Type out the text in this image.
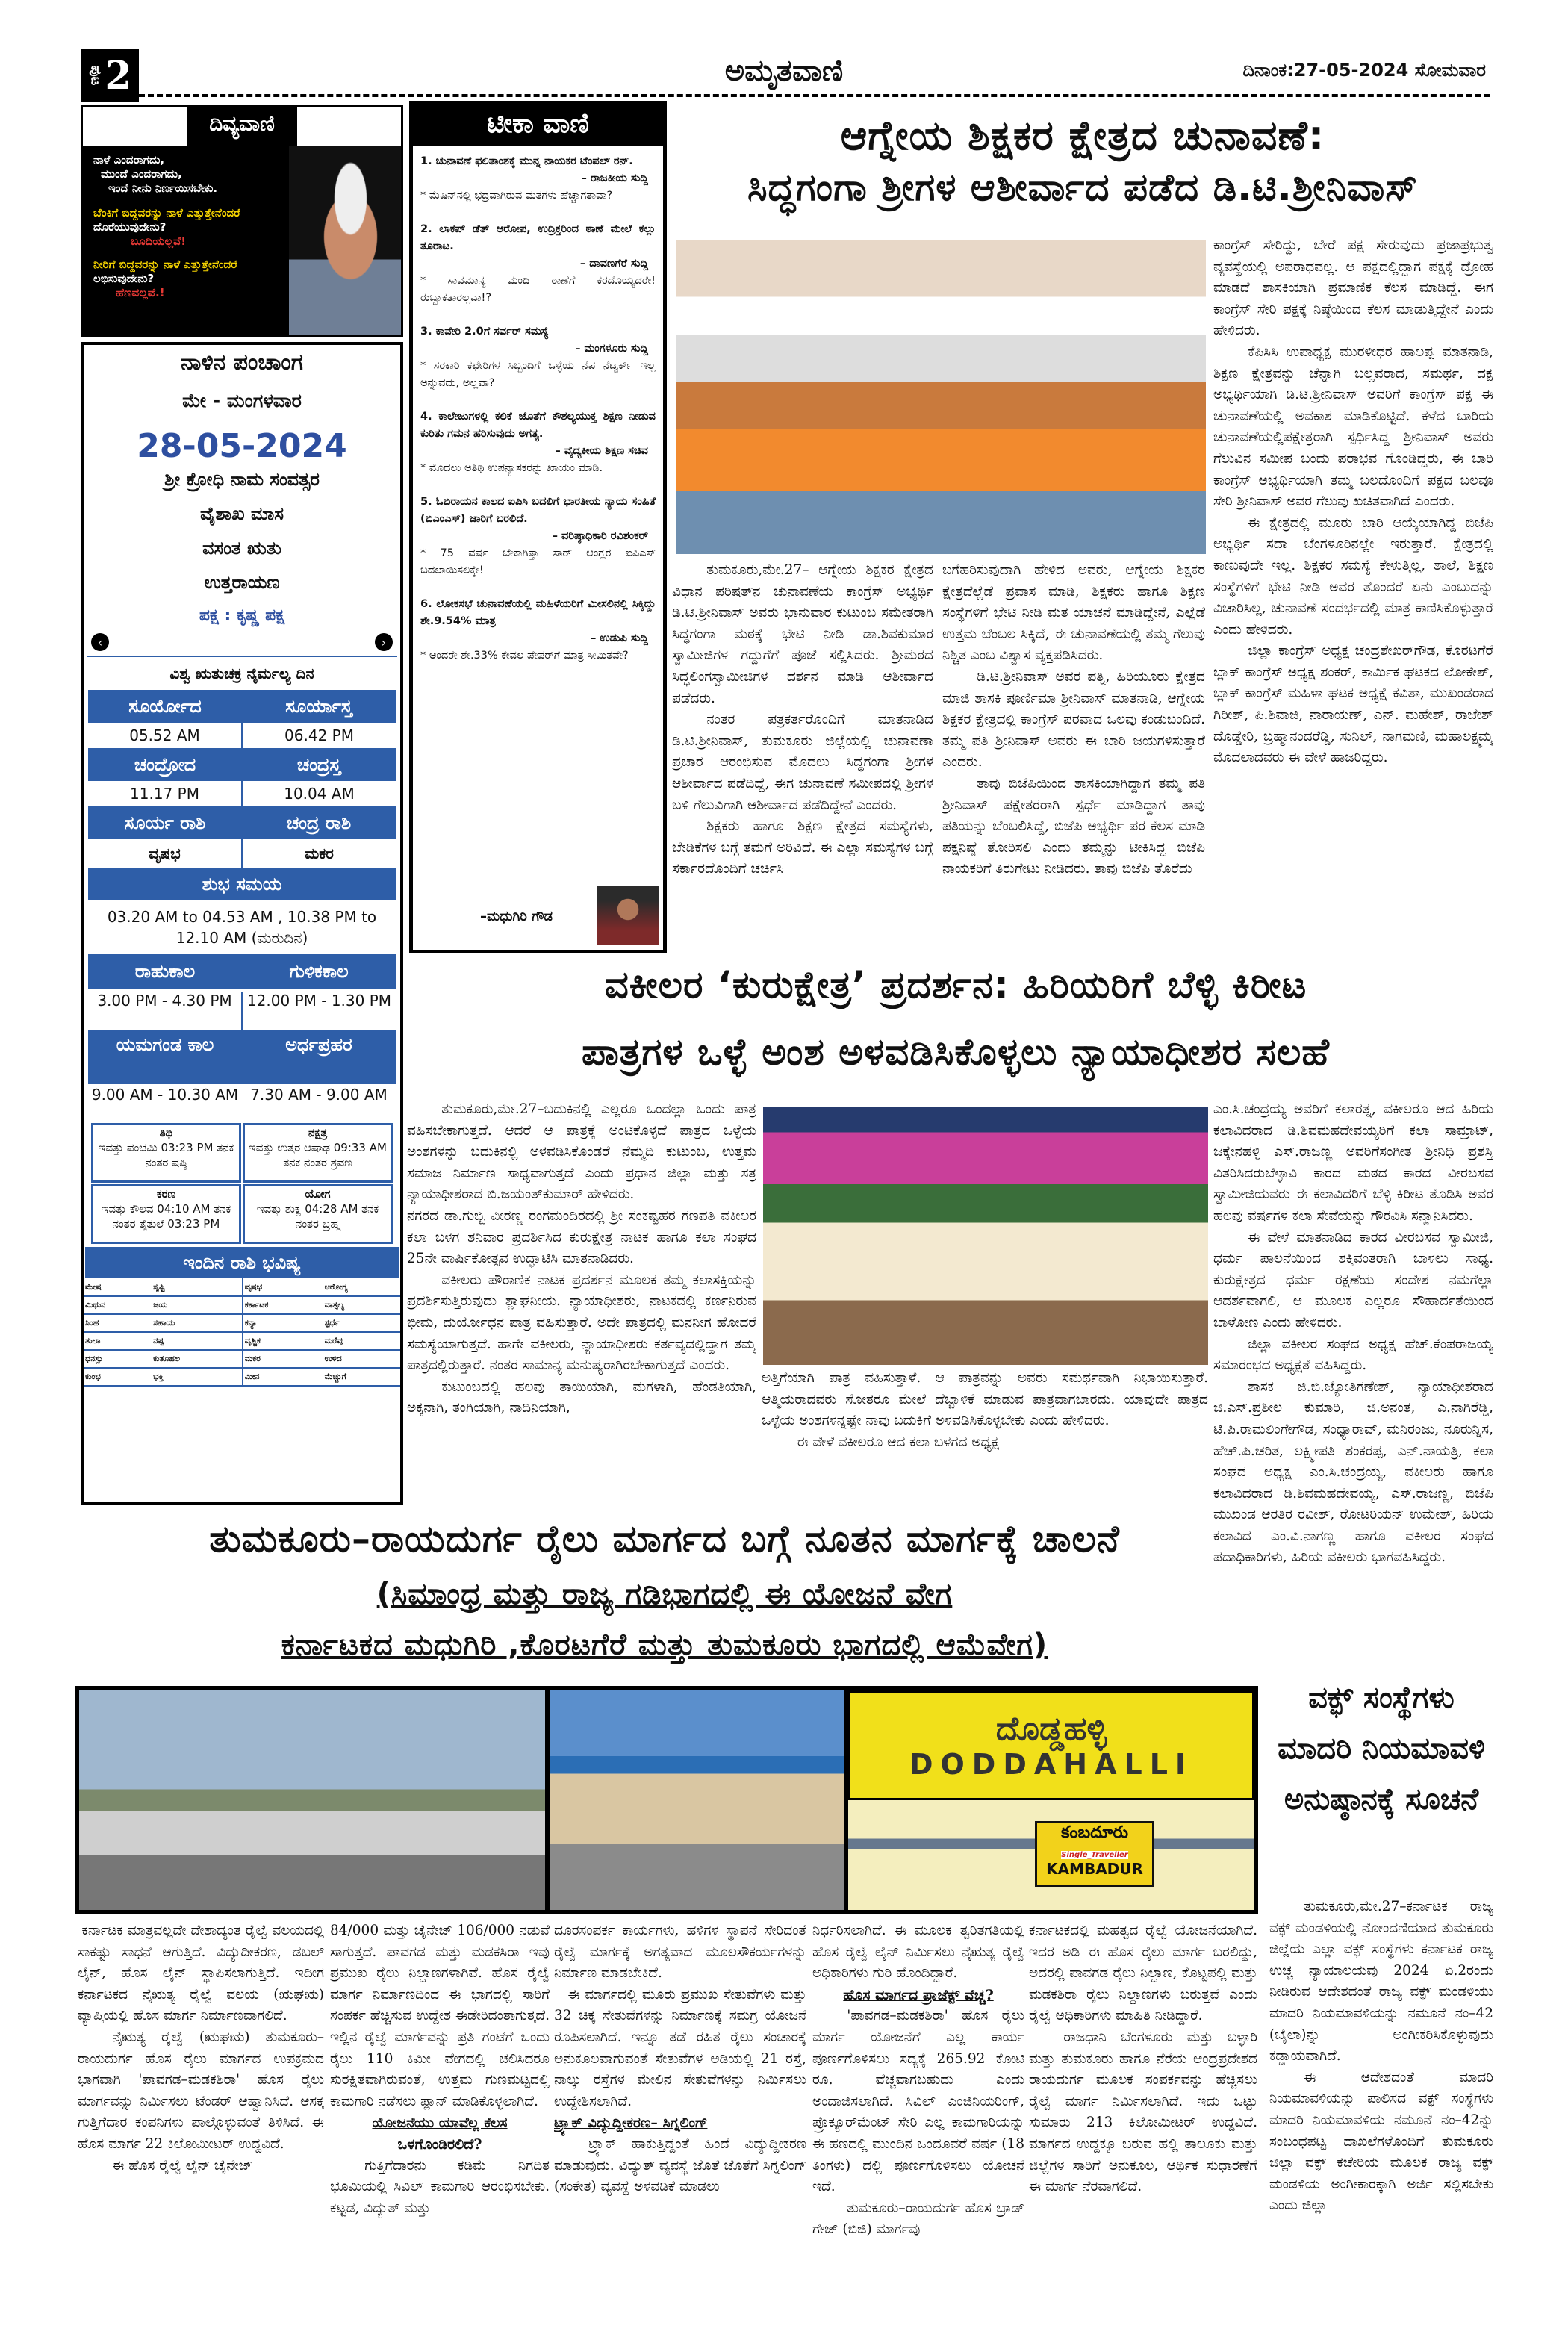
ಪುಟ 2	ಅಮೃತವಾಣಿ	ದಿನಾಂಕ:27-05-2024 ಸೋಮವಾರ
ದಿವ್ಯವಾಣಿ
ನಾಳೆ ಎಂದರಾಗದು,
ಮುಂದೆ ಎಂದರಾಗದು,
ಇಂದೆ ನೀನು ನಿರ್ಣಯಿಸಬೇಕು.
ಬೆಂಕಿಗೆ ಬಿದ್ದವರನ್ನು ನಾಳೆ ಎತ್ತುತ್ತೇನೆಂದರೆ
ದೊರೆಯುವುದೇನು?
ಬೂದಿಯಲ್ಲವೆ!
ನೀರಿಗೆ ಬಿದ್ದವರನ್ನು ನಾಳೆ ಎತ್ತುತ್ತೇನೆಂದರೆ
ಲಭಿಸುವುದೇನು?
ಹೆಣವಲ್ಲವೆ.!
ನಾಳಿನ ಪಂಚಾಂಗ
ಮೇ - ಮಂಗಳವಾರ
28-05-2024
ಶ್ರೀ ಕ್ರೋಧಿ ನಾಮ ಸಂವತ್ಸರ
ವೈಶಾಖ ಮಾಸ
ವಸಂತ ಋತು
ಉತ್ತರಾಯಣ
ಪಕ್ಷ : ಕೃಷ್ಣ ಪಕ್ಷ
‹	›
ವಿಶ್ವ ಋತುಚಕ್ರ ನೈರ್ಮಲ್ಯ ದಿನ
ಸೂರ್ಯೋದ	ಸೂರ್ಯಾಸ್ತ
05.52 AM	06.42 PM
ಚಂದ್ರೋದ	ಚಂದ್ರಸ್ತ
11.17 PM	10.04 AM
ಸೂರ್ಯ ರಾಶಿ	ಚಂದ್ರ ರಾಶಿ
ವೃಷಭ	ಮಕರ
ಶುಭ ಸಮಯ
03.20 AM to 04.53 AM , 10.38 PM to 12.10 AM (ಮರುದಿನ)
ರಾಹುಕಾಲ	ಗುಳಿಕಕಾಲ
3.00 PM - 4.30 PM	12.00 PM - 1.30 PM
ಯಮಗಂಡ ಕಾಲ	ಅರ್ಧಪ್ರಹರ
9.00 AM - 10.30 AM 7.30 AM - 9.00 AM
ತಿಥಿ
ಇವತ್ತು ಪಂಚಮಿ 03:23 PM ತನಕ ನಂತರ ಷಷ್ಠಿ
ನಕ್ಷತ್ರ
ಇವತ್ತು ಉತ್ತರ ಆಷಾಢ 09:33 AM ತನಕ ನಂತರ ಶ್ರವಣ
ಕರಣ
ಇವತ್ತು ಕೌಲವ 04:10 AM ತನಕ ನಂತರ ತೈತುಲೆ 03:23 PM
ಯೋಗ
ಇವತ್ತು ಶುಕ್ಲ 04:28 AM ತನಕ ನಂತರ ಬ್ರಹ್ಮ
ಇಂದಿನ ರಾಶಿ ಭವಿಷ್ಯ
ಮೇಷ	ಸೃಷ್ಟಿ	ವೃಷಭ	ಆರೋಗ್ಯ
ಮಿಥುನ	ಜಯ	ಕರ್ಕಾಟಕ	ವಾತ್ಸಲ್ಯ
ಸಿಂಹ	ಸಹಾಯ	ಕನ್ಯಾ	ಸ್ಪರ್ಧೆ
ತುಲಾ	ನಷ್ಟ	ವೃಶ್ಚಿಕ	ಮರೆವು
ಧನಸ್ಸು	ಕುತೂಹಲ	ಮಕರ	ಉಳಿದ
ಕುಂಭ	ಭಕ್ತಿ	ಮೀನ	ಮೆಚ್ಚುಗೆ
ಟೀಕಾ ವಾಣಿ
1. ಚುನಾವಣೆ ಫಲಿತಾಂಶಕ್ಕೆ ಮುನ್ನ ನಾಯಕರ ಟೆಂಪಲ್ ರನ್.
– ರಾಜಕೀಯ ಸುದ್ದಿ
* ಮೆಷಿನ್‌ನಲ್ಲಿ ಭದ್ರವಾಗಿರುವ ಮತಗಳು ಹೆಚ್ಚಾಗತಾವಾ?
2. ಲಾಕಪ್ ಡೆತ್ ಆರೋಪ, ಉದ್ರಿಕ್ತರಿಂದ ಠಾಣೆ ಮೇಲೆ ಕಲ್ಲು ತೂರಾಟ.
– ದಾವಣಗೆರೆ ಸುದ್ದಿ
* ಸಾವಮಾನ್ಯ ಮಂದಿ ಠಾಣೆಗೆ ಕರದೊಯ್ಯದರೇ! ರುಬ್ಬಾಕತಾರಲ್ಲವಾ!?
3. ಕಾವೇರಿ 2.0ಗೆ ಸರ್ವರ್ ಸಮಸ್ಯೆ
– ಮಂಗಳೂರು ಸುದ್ದಿ
* ಸರಕಾರಿ ಕಛೇರಿಗಳ ಸಿಬ್ಬಂದಿಗೆ ಒಳ್ಳೆಯ ನೆಪ ನೆಟ್ವರ್ಕ್ ಇಲ್ಲ ಅನ್ನುವದು, ಅಲ್ಲವಾ?
4. ಕಾಲೇಜುಗಳಲ್ಲಿ ಕಲಿಕೆ ಜೊತೆಗೆ ಕೌಶಲ್ಯಯುಕ್ತ ಶಿಕ್ಷಣ ನೀಡುವ ಕುರಿತು ಗಮನ ಹರಿಸುವುದು ಅಗತ್ಯ.
– ವೈದ್ಯಕೀಯ ಶಿಕ್ಷಣ ಸಚಿವ
* ಮೊದಲು ಅತಿಥಿ ಉಪನ್ಯಾಸಕರನ್ನು ಖಾಯಂ ಮಾಡಿ.
5. ಓಬಿರಾಯನ ಕಾಲದ ಐಪಿಸಿ ಬದಲಿಗೆ ಭಾರತೀಯ ನ್ಯಾಯ ಸಂಹಿತೆ (ಬಿಎಂಎಸ್) ಜಾರಿಗೆ ಬರಲಿದೆ.
– ವರಿಷ್ಠಾಧಿಕಾರಿ ರವಿಶಂಕರ್
* 75 ವರ್ಷ ಬೇಕಾಗಿತ್ತಾ ಸಾರ್ ಆಂಗ್ಲರ ಐಪಿಎಸ್ ಬದಲಾಯಿಸಲಿಕ್ಕೇ!
6. ಲೋಕಸಭೆ ಚುನಾವಣೆಯಲ್ಲಿ ಮಹಿಳೆಯರಿಗೆ ಮೀಸಲಿನಲ್ಲಿ ಸಿಕ್ಕಿದ್ದು ಶೇ.9.54% ಮಾತ್ರ
– ಉಡುಪಿ ಸುದ್ದಿ
* ಅಂದರೇ ಶೇ.33% ಕೇವಲ ಪೇಪರ್‌ಗೆ ಮಾತ್ರ ಸೀಮಿತವೇ?
–ಮಧುಗಿರಿ ಗೌಡ
ಆಗ್ನೇಯ ಶಿಕ್ಷಕರ ಕ್ಷೇತ್ರದ ಚುನಾವಣೆ:
ಸಿದ್ಧಗಂಗಾ ಶ್ರೀಗಳ ಆಶೀರ್ವಾದ ಪಡೆದ ಡಿ.ಟಿ.ಶ್ರೀನಿವಾಸ್

ತುಮಕೂರು,ಮೇ.27– ಆಗ್ನೇಯ ಶಿಕ್ಷಕರ ಕ್ಷೇತ್ರದ ವಿಧಾನ ಪರಿಷತ್‌ನ ಚುನಾವಣೆಯ ಕಾಂಗ್ರೆಸ್ ಅಭ್ಯರ್ಥಿ ಡಿ.ಟಿ.ಶ್ರೀನಿವಾಸ್ ಅವರು ಭಾನುವಾರ ಕುಟುಂಬ ಸಮೇತರಾಗಿ ಸಿದ್ಧಗಂಗಾ ಮಠಕ್ಕೆ ಭೇಟಿ ನೀಡಿ ಡಾ.ಶಿವಕುಮಾರ ಸ್ವಾಮೀಜಿಗಳ ಗದ್ದುಗೆಗೆ ಪೂಜೆ ಸಲ್ಲಿಸಿದರು. ಶ್ರೀಮಠದ ಸಿದ್ಧಲಿಂಗಸ್ವಾಮೀಜಿಗಳ ದರ್ಶನ ಮಾಡಿ ಆಶೀರ್ವಾದ ಪಡೆದರು.

ನಂತರ ಪತ್ರಕರ್ತರೊಂದಿಗೆ ಮಾತನಾಡಿದ ಡಿ.ಟಿ.ಶ್ರೀನಿವಾಸ್, ತುಮಕೂರು ಜಿಲ್ಲೆಯಲ್ಲಿ ಚುನಾವಣಾ ಪ್ರಚಾರ ಆರಂಭಿಸುವ ಮೊದಲು ಸಿದ್ಧಗಂಗಾ ಶ್ರೀಗಳ ಆಶೀರ್ವಾದ ಪಡೆದಿದ್ದೆ, ಈಗ ಚುನಾವಣೆ ಸಮೀಪದಲ್ಲಿ ಶ್ರೀಗಳ ಬಳಿ ಗೆಲುವಿಗಾಗಿ ಆಶೀರ್ವಾದ ಪಡೆದಿದ್ದೇನೆ ಎಂದರು.

ಶಿಕ್ಷಕರು ಹಾಗೂ ಶಿಕ್ಷಣ ಕ್ಷೇತ್ರದ ಸಮಸ್ಯೆಗಳು, ಬೇಡಿಕೆಗಳ ಬಗ್ಗೆ ತಮಗೆ ಅರಿವಿದೆ. ಈ ಎಲ್ಲಾ ಸಮಸ್ಯೆಗಳ ಬಗ್ಗೆ ಸರ್ಕಾರದೊಂದಿಗೆ ಚರ್ಚಿಸಿ

ಬಗೆಹರಿಸುವುದಾಗಿ ಹೇಳಿದ ಅವರು, ಆಗ್ನೇಯ ಶಿಕ್ಷಕರ ಕ್ಷೇತ್ರದೆಲ್ಲೆಡೆ ಪ್ರವಾಸ ಮಾಡಿ, ಶಿಕ್ಷಕರು ಹಾಗೂ ಶಿಕ್ಷಣ ಸಂಸ್ಥೆಗಳಿಗೆ ಭೇಟಿ ನೀಡಿ ಮತ ಯಾಚನೆ ಮಾಡಿದ್ದೇನೆ, ಎಲ್ಲೆಡೆ ಉತ್ತಮ ಬೆಂಬಲ ಸಿಕ್ಕಿದೆ, ಈ ಚುನಾವಣೆಯಲ್ಲಿ ತಮ್ಮ ಗೆಲುವು ನಿಶ್ಚಿತ ಎಂಬ ವಿಶ್ವಾಸ ವ್ಯಕ್ತಪಡಿಸಿದರು.

ಡಿ.ಟಿ.ಶ್ರೀನಿವಾಸ್ ಅವರ ಪತ್ನಿ, ಹಿರಿಯೂರು ಕ್ಷೇತ್ರದ ಮಾಜಿ ಶಾಸಕಿ ಪೂರ್ಣಿಮಾ ಶ್ರೀನಿವಾಸ್ ಮಾತನಾಡಿ, ಆಗ್ನೇಯ ಶಿಕ್ಷಕರ ಕ್ಷೇತ್ರದಲ್ಲಿ ಕಾಂಗ್ರೆಸ್ ಪರವಾದ ಒಲವು ಕಂಡುಬಂದಿದೆ. ತಮ್ಮ ಪತಿ ಶ್ರೀನಿವಾಸ್ ಅವರು ಈ ಬಾರಿ ಜಯಗಳಿಸುತ್ತಾರೆ ಎಂದರು.

ತಾವು ಬಿಜೆಪಿಯಿಂದ ಶಾಸಕಿಯಾಗಿದ್ದಾಗ ತಮ್ಮ ಪತಿ ಶ್ರೀನಿವಾಸ್ ಪಕ್ಷೇತರರಾಗಿ ಸ್ಪರ್ಧೆ ಮಾಡಿದ್ದಾಗ ತಾವು ಪತಿಯನ್ನು ಬೆಂಬಲಿಸಿದ್ದೆ, ಬಿಜೆಪಿ ಅಭ್ಯರ್ಥಿ ಪರ ಕೆಲಸ ಮಾಡಿ ಪಕ್ಷನಿಷ್ಠೆ ತೋರಿಸಲಿ ಎಂದು ತಮ್ಮನ್ನು ಟೀಕಿಸಿದ್ದ ಬಿಜೆಪಿ ನಾಯಕರಿಗೆ ತಿರುಗೇಟು ನೀಡಿದರು. ತಾವು ಬಿಜೆಪಿ ತೊರೆದು

ಕಾಂಗ್ರೆಸ್ ಸೇರಿದ್ದು, ಬೇರೆ ಪಕ್ಷ ಸೇರುವುದು ಪ್ರಜಾಪ್ರಭುತ್ವ ವ್ಯವಸ್ಥೆಯಲ್ಲಿ ಅಪರಾಧವಲ್ಲ. ಆ ಪಕ್ಷದಲ್ಲಿದ್ದಾಗ ಪಕ್ಷಕ್ಕೆ ದ್ರೋಹ ಮಾಡದೆ ಶಾಸಕಿಯಾಗಿ ಪ್ರಮಾಣಿಕ ಕೆಲಸ ಮಾಡಿದ್ದೆ. ಈಗ ಕಾಂಗ್ರೆಸ್ ಸೇರಿ ಪಕ್ಷಕ್ಕೆ ನಿಷ್ಠೆಯಿಂದ ಕೆಲಸ ಮಾಡುತ್ತಿದ್ದೇನೆ ಎಂದು ಹೇಳಿದರು.

ಕೆಪಿಸಿಸಿ ಉಪಾಧ್ಯಕ್ಷ ಮುರಳೀಧರ ಹಾಲಪ್ಪ ಮಾತನಾಡಿ, ಶಿಕ್ಷಣ ಕ್ಷೇತ್ರವನ್ನು ಚೆನ್ನಾಗಿ ಬಲ್ಲವರಾದ, ಸಮರ್ಥ, ದಕ್ಷ ಅಭ್ಯರ್ಥಿಯಾಗಿ ಡಿ.ಟಿ.ಶ್ರೀನಿವಾಸ್ ಅವರಿಗೆ ಕಾಂಗ್ರೆಸ್ ಪಕ್ಷ ಈ ಚುನಾವಣೆಯಲ್ಲಿ ಅವಕಾಶ ಮಾಡಿಕೊಟ್ಟಿದೆ. ಕಳೆದ ಬಾರಿಯ ಚುನಾವಣೆಯಲ್ಲಿಪಕ್ಷೇತ್ರರಾಗಿ ಸ್ಪರ್ಧಿಸಿದ್ದ ಶ್ರೀನಿವಾಸ್ ಅವರು ಗೆಲುವಿನ ಸಮೀಪ ಬಂದು ಪರಾಭವ ಗೊಂಡಿದ್ದರು, ಈ ಬಾರಿ ಕಾಂಗ್ರೆಸ್ ಅಭ್ಯರ್ಥಿಯಾಗಿ ತಮ್ಮ ಬಲದೊಂದಿಗೆ ಪಕ್ಷದ ಬಲವೂ ಸೇರಿ ಶ್ರೀನಿವಾಸ್ ಅವರ ಗೆಲುವು ಖಚಿತವಾಗಿದೆ ಎಂದರು.

ಈ ಕ್ಷೇತ್ರದಲ್ಲಿ ಮೂರು ಬಾರಿ ಆಯ್ಕೆಯಾಗಿದ್ದ ಬಿಜೆಪಿ ಅಭ್ಯರ್ಥಿ ಸದಾ ಬೆಂಗಳೂರಿನಲ್ಲೇ ಇರುತ್ತಾರೆ. ಕ್ಷೇತ್ರದಲ್ಲಿ ಕಾಣುವುದೇ ಇಲ್ಲ. ಶಿಕ್ಷಕರ ಸಮಸ್ಯೆ ಕೇಳುತ್ತಿಲ್ಲ, ಶಾಲೆ, ಶಿಕ್ಷಣ ಸಂಸ್ಥೆಗಳಿಗೆ ಭೇಟಿ ನೀಡಿ ಅವರ ತೊಂದರೆ ಏನು ಎಂಬುದನ್ನು ವಿಚಾರಿಸಿಲ್ಲ, ಚುನಾವಣೆ ಸಂದರ್ಭದಲ್ಲಿ ಮಾತ್ರ ಕಾಣಿಸಿಕೊಳ್ಳುತ್ತಾರೆ ಎಂದು ಹೇಳಿದರು.

ಜಿಲ್ಲಾ ಕಾಂಗ್ರೆಸ್ ಅಧ್ಯಕ್ಷ ಚಂದ್ರಶೇಖರ್‌ಗೌಡ, ಕೊರಟಗೆರೆ ಬ್ಲಾಕ್ ಕಾಂಗ್ರೆಸ್ ಅಧ್ಯಕ್ಷ ಶಂಕರ್, ಕಾರ್ಮಿಕ ಘಟಕದ ಲೋಕೇಶ್, ಬ್ಲಾಕ್ ಕಾಂಗ್ರೆಸ್ ಮಹಿಳಾ ಘಟಕ ಅಧ್ಯಕ್ಷೆ ಕವಿತಾ, ಮುಖಂಡರಾದ ಗಿರೀಶ್, ಪಿ.ಶಿವಾಜಿ, ನಾರಾಯಣ್, ಎನ್. ಮಹೇಶ್, ರಾಜೇಶ್ ದೊಡ್ಡೇರಿ, ಬ್ರಹ್ಮಾನಂದರೆಡ್ಡಿ, ಸುನಿಲ್, ನಾಗಮಣಿ, ಮಹಾಲಕ್ಷ್ಮಮ್ಮ ಮೊದಲಾದವರು ಈ ವೇಳೆ ಹಾಜರಿದ್ದರು.

ವಕೀಲರ ‘ಕುರುಕ್ಷೇತ್ರ’ ಪ್ರದರ್ಶನ: ಹಿರಿಯರಿಗೆ ಬೆಳ್ಳಿ ಕಿರೀಟ
ಪಾತ್ರಗಳ ಒಳ್ಳೆ ಅಂಶ ಅಳವಡಿಸಿಕೊಳ್ಳಲು ನ್ಯಾಯಾಧೀಶರ ಸಲಹೆ

ತುಮಕೂರು,ಮೇ.27–ಬದುಕಿನಲ್ಲಿ ಎಲ್ಲರೂ ಒಂದಲ್ಲಾ ಒಂದು ಪಾತ್ರ ವಹಿಸಬೇಕಾಗುತ್ತದೆ. ಆದರೆ ಆ ಪಾತ್ರಕ್ಕೆ ಅಂಟಿಕೊಳ್ಳದೆ ಪಾತ್ರದ ಒಳ್ಳೆಯ ಅಂಶಗಳನ್ನು ಬದುಕಿನಲ್ಲಿ ಅಳವಡಿಸಿಕೊಂಡರೆ ನೆಮ್ಮದಿ ಕುಟುಂಬ, ಉತ್ತಮ ಸಮಾಜ ನಿರ್ಮಾಣ ಸಾಧ್ಯವಾಗುತ್ತದೆ ಎಂದು ಪ್ರಧಾನ ಜಿಲ್ಲಾ ಮತ್ತು ಸತ್ರ ನ್ಯಾಯಾಧೀಶರಾದ ಬಿ.ಜಯಂತ್‌ಕುಮಾರ್ ಹೇಳಿದರು.

ನಗರದ ಡಾ.ಗುಬ್ಬಿ ವೀರಣ್ಣ ರಂಗಮಂದಿರದಲ್ಲಿ ಶ್ರೀ ಸಂಕಷ್ಟಹರ ಗಣಪತಿ ವಕೀಲರ ಕಲಾ ಬಳಗ ಶನಿವಾರ ಪ್ರದರ್ಶಿಸಿದ ಕುರುಕ್ಷೇತ್ರ ನಾಟಕ ಹಾಗೂ ಕಲಾ ಸಂಘದ 25ನೇ ವಾರ್ಷಿಕೋತ್ಸವ ಉದ್ಘಾಟಿಸಿ ಮಾತನಾಡಿದರು.

ವಕೀಲರು ಪೌರಾಣಿಕ ನಾಟಕ ಪ್ರದರ್ಶನ ಮೂಲಕ ತಮ್ಮ ಕಲಾಸಕ್ತಿಯನ್ನು ಪ್ರದರ್ಶಿಸುತ್ತಿರುವುದು ಶ್ಲಾಘನೀಯ. ನ್ಯಾಯಾಧೀಶರು, ನಾಟಕದಲ್ಲಿ ಕರ್ಣನಿರುವ ಭೀಮ, ದುರ್ಯೋಧನ ಪಾತ್ರ ವಹಿಸುತ್ತಾರೆ. ಅದೇ ಪಾತ್ರದಲ್ಲಿ ಮನನೀಗ ಹೋದರೆ ಸಮಸ್ಯೆಯಾಗುತ್ತದೆ. ಹಾಗೇ ವಕೀಲರು, ನ್ಯಾಯಾಧೀಶರು ಕರ್ತವ್ಯದಲ್ಲಿದ್ದಾಗ ತಮ್ಮ ಪಾತ್ರದಲ್ಲಿರುತ್ತಾರೆ. ನಂತರ ಸಾಮಾನ್ಯ ಮನುಷ್ಯರಾಗಿರಬೇಕಾಗುತ್ತದೆ ಎಂದರು.

ಕುಟುಂಬದಲ್ಲಿ ಹಲವು ತಾಯಿಯಾಗಿ, ಮಗಳಾಗಿ, ಹೆಂಡತಿಯಾಗಿ, ಅಕ್ಕನಾಗಿ, ತಂಗಿಯಾಗಿ, ನಾದಿನಿಯಾಗಿ,

ಅತ್ತಿಗೆಯಾಗಿ ಪಾತ್ರ ವಹಿಸುತ್ತಾಳೆ. ಆ ಪಾತ್ರವನ್ನು ಅವರು ಸಮರ್ಥವಾಗಿ ನಿಭಾಯಿಸುತ್ತಾರೆ. ಆತ್ಮಿಯರಾದವರು ಸೋತರೂ ಮೇಲೆ ದೆಬ್ಬಾಳಿಕೆ ಮಾಡುವ ಪಾತ್ರವಾಗಬಾರದು. ಯಾವುದೇ ಪಾತ್ರದ ಒಳ್ಳೆಯ ಅಂಶಗಳನ್ನಷ್ಟೇ ನಾವು ಬದುಕಿಗೆ ಅಳವಡಿಸಿಕೊಳ್ಳಬೇಕು ಎಂದು ಹೇಳಿದರು.

ಈ ವೇಳೆ ವಕೀಲರೂ ಆದ ಕಲಾ ಬಳಗದ ಅಧ್ಯಕ್ಷ

ಎಂ.ಸಿ.ಚಂದ್ರಯ್ಯ ಅವರಿಗೆ ಕಲಾರತ್ನ, ವಕೀಲರೂ ಆದ ಹಿರಿಯ ಕಲಾವಿದರಾದ ಡಿ.ಶಿವಮಹದೇವಯ್ಯರಿಗೆ ಕಲಾ ಸಾಮ್ರಾಟ್, ಜಕ್ಕೇನಹಳ್ಳಿ ಎಸ್.ರಾಜಣ್ಣ ಅವರಿಗೆಸಂಗೀತ ಶ್ರೀನಿಧಿ ಪ್ರಶಸ್ತಿ ವಿತರಿಸಿದರುಬೆಳ್ಳಾವಿ ಕಾರದ ಮಠದ ಕಾರದ ವೀರಬಸವ ಸ್ವಾಮೀಜಿಯವರು ಈ ಕಲಾವಿದರಿಗೆ ಬೆಳ್ಳಿ ಕಿರೀಟ ತೊಡಿಸಿ ಅವರ ಹಲವು ವರ್ಷಗಳ ಕಲಾ ಸೇವೆಯನ್ನು ಗೌರವಿಸಿ ಸನ್ಮಾನಿಸಿದರು.

ಈ ವೇಳೆ ಮಾತನಾಡಿದ ಕಾರದ ವೀರಬಸವ ಸ್ವಾಮೀಜಿ, ಧರ್ಮ ಪಾಲನೆಯಿಂದ ಶಕ್ತಿವಂತರಾಗಿ ಬಾಳಲು ಸಾಧ್ಯ. ಕುರುಕ್ಷೇತ್ರದ ಧರ್ಮ ರಕ್ಷಣೆಯ ಸಂದೇಶ ನಮಗೆಲ್ಲಾ ಆದರ್ಶವಾಗಲಿ, ಆ ಮೂಲಕ ಎಲ್ಲರೂ ಸೌಹಾರ್ದತೆಯಿಂದ ಬಾಳೋಣ ಎಂದು ಹೇಳಿದರು.

ಜಿಲ್ಲಾ ವಕೀಲರ ಸಂಘದ ಅಧ್ಯಕ್ಷ ಹೆಚ್.ಕೆಂಪರಾಜಯ್ಯ ಸಮಾರಂಭದ ಅಧ್ಯಕ್ಷತೆ ವಹಿಸಿದ್ದರು.

ಶಾಸಕ ಜಿ.ಬಿ.ಜ್ಯೋತಿಗಣೇಶ್, ನ್ಯಾಯಾಧೀಶರಾದ ಜಿ.ಎಸ್.ಪ್ರಶೀಲ ಕುಮಾರಿ, ಜಿ.ಅನಂತ, ಎ.ನಾಗಿರೆಡ್ಡಿ, ಟಿ.ಪಿ.ರಾಮಲಿಂಗೇಗೌಡ, ಸಂಧ್ಯಾರಾವ್, ಮನಿರಂಜು, ನೂರುನ್ನಿಸ, ಹೆಚ್.ಪಿ.ಚರಿತ, ಲಕ್ಷ್ಮೀಪತಿ ಶಂಕರಪ್ಪ, ಎನ್.ನಾಯತ್ರಿ, ಕಲಾ ಸಂಘದ ಅಧ್ಯಕ್ಷ ಎಂ.ಸಿ.ಚಂದ್ರಯ್ಯ, ವಕೀಲರು ಹಾಗೂ ಕಲಾವಿದರಾದ ಡಿ.ಶಿವಮಹದೇವಯ್ಯ, ಎಸ್.ರಾಜಣ್ಣ, ಬಿಜೆಪಿ ಮುಖಂಡ ಆರತಿರ ರವೀಶ್, ರೋಟರಿಯನ್ ಉಮೇಶ್, ಹಿರಿಯ ಕಲಾವಿದ ಎಂ.ವಿ.ನಾಗಣ್ಣ ಹಾಗೂ ವಕೀಲರ ಸಂಘದ ಪದಾಧಿಕಾರಿಗಳು, ಹಿರಿಯ ವಕೀಲರು ಭಾಗವಹಿಸಿದ್ದರು.

ತುಮಕೂರು–ರಾಯದುರ್ಗ ರೈಲು ಮಾರ್ಗದ ಬಗ್ಗೆ ನೂತನ ಮಾರ್ಗಕ್ಕೆ ಚಾಲನೆ
(ಸಿಮಾಂಧ್ರ ಮತ್ತು ರಾಜ್ಯ ಗಡಿಭಾಗದಲ್ಲಿ ಈ ಯೋಜನೆ ವೇಗ
ಕರ್ನಾಟಕದ ಮಧುಗಿರಿ ,ಕೊರಟಗೆರೆ ಮತ್ತು ತುಮಕೂರು ಭಾಗದಲ್ಲಿ ಆಮೆವೇಗ)
ದೊಡ್ಡಹಳ್ಳಿ
DODDAHALLI
కంబదూరు
Single_Traveller
KAMBADUR

ಕರ್ನಾಟಕ ಮಾತ್ರವಲ್ಲದೇ ದೇಶಾದ್ಯಂತ ರೈಲ್ವೆ ವಲಯದಲ್ಲಿ ಸಾಕಷ್ಟು ಸಾಧನೆ ಆಗುತ್ತಿದೆ. ವಿದ್ಯುದೀಕರಣ, ಡಬಲ್ ಲೈನ್, ಹೊಸ ಲೈನ್ ಸ್ಥಾಪಿಸಲಾಗುತ್ತಿದೆ. ಇದೀಗ ಕರ್ನಾಟಕದ ನೈಋತ್ಯ ರೈಲ್ವೆ ವಲಯ (ಋಘಋ) ವ್ಯಾಪ್ತಿಯಲ್ಲಿ ಹೊಸ ಮಾರ್ಗ ನಿರ್ಮಾಣವಾಗಲಿದೆ.

ನೈಋತ್ಯ ರೈಲ್ವೆ (ಋಘಋ) ತುಮಕೂರು–ರಾಯದುರ್ಗ ಹೊಸ ರೈಲು ಮಾರ್ಗದ ಉಪಕ್ರಮದ ಭಾಗವಾಗಿ 'ಪಾವಗಡ–ಮಡಕಶಿರಾ' ಹೊಸ ರೈಲು ಮಾರ್ಗವನ್ನು ನಿರ್ಮಿಸಲು ಟೆಂಡರ್ ಆಹ್ವಾನಿಸಿದೆ. ಆಸಕ್ತ ಗುತ್ತಿಗೆದಾರ ಕಂಪನಿಗಳು ಪಾಲ್ಗೊಳ್ಳುವಂತೆ ತಿಳಿಸಿದೆ. ಈ ಹೊಸ ಮಾರ್ಗ 22 ಕಿಲೋಮೀಟರ್ ಉದ್ದವಿದೆ.

ಈ ಹೊಸ ರೈಲ್ವೆ ಲೈನ್ ಚೈನೇಜ್

84/000 ಮತ್ತು ಚೈನೇಜ್ 106/000 ನಡುವೆ ಸಾಗುತ್ತದೆ. ಪಾವಗಡ ಮತ್ತು ಮಡಕಸಿರಾ ಇವು ಪ್ರಮುಖ ರೈಲು ನಿಲ್ದಾಣಗಳಾಗಿವೆ. ಹೊಸ ರೈಲ್ವೆ ಮಾರ್ಗ ನಿರ್ಮಾಣದಿಂದ ಈ ಭಾಗದಲ್ಲಿ ಸಾರಿಗೆ ಸಂಪರ್ಕ ಹೆಚ್ಚಿಸುವ ಉದ್ದೇಶ ಈಡೇರಿದಂತಾಗುತ್ತದೆ. ಇಲ್ಲಿನ ರೈಲ್ವೆ ಮಾರ್ಗವನ್ನು ಪ್ರತಿ ಗಂಟೆಗೆ ಒಂದು ರೈಲು 110 ಕಿಮೀ ವೇಗದಲ್ಲಿ ಚಲಿಸಿದರೂ ಸುರಕ್ಷಿತವಾಗಿರುವಂತೆ, ಉತ್ತಮ ಗುಣಮಟ್ಟದಲ್ಲಿ ಕಾಮಗಾರಿ ನಡೆಸಲು ಪ್ಲಾನ್ ಮಾಡಿಕೊಳ್ಳಲಾಗಿದೆ.

ಯೋಜನೆಯು ಯಾವೆಲ್ಲ ಕೆಲಸ ಒಳಗೊಂಡಿರಲಿದೆ?

ಗುತ್ತಿಗೆದಾರನು ಕಡಿಮೆ ನಿಗದಿತ ಭೂಮಿಯಲ್ಲಿ ಸಿವಿಲ್ ಕಾಮಗಾರಿ ಆರಂಭಿಸಬೇಕು. ಕಟ್ಟಡ, ವಿದ್ಯುತ್ ಮತ್ತು

ದೂರಸಂಪರ್ಕ ಕಾರ್ಯಗಳು, ಹಳಿಗಳ ಸ್ಥಾಪನೆ ಸೇರಿದಂತೆ ರೈಲ್ವೆ ಮಾರ್ಗಕ್ಕೆ ಅಗತ್ಯವಾದ ಮೂಲಸೌಕರ್ಯಗಳನ್ನು ನಿರ್ಮಾಣ ಮಾಡಬೇಕಿದೆ.

ಈ ಮಾರ್ಗದಲ್ಲಿ ಮೂರು ಪ್ರಮುಖ ಸೇತುವೆಗಳು ಮತ್ತು 32 ಚಿಕ್ಕ ಸೇತುವೆಗಳನ್ನು ನಿರ್ಮಾಣಕ್ಕೆ ಸಮಗ್ರ ಯೋಜನೆ ರೂಪಿಸಲಾಗಿದೆ. ಇನ್ನೂ ತಡೆ ರಹಿತ ರೈಲು ಸಂಚಾರಕ್ಕೆ ಅನುಕೂಲವಾಗುವಂತೆ ಸೇತುವೆಗಳ ಅಡಿಯಲ್ಲಿ 21 ರಸ್ತೆ, ನಾಲ್ಕು ರಸ್ತೆಗಳ ಮೇಲಿನ ಸೇತುವೆಗಳನ್ನು ನಿರ್ಮಿಸಲು ಉದ್ದೇಶಿಸಲಾಗಿದೆ.

ಟ್ರ್ಯಾಕ್ ವಿದ್ಯುದ್ದೀಕರಣ– ಸಿಗ್ನಲಿಂಗ್

ಟ್ರ್ಯಾಕ್ ಹಾಕುತ್ತಿದ್ದಂತೆ ಹಿಂದೆ ವಿದ್ಯುದ್ದೀಕರಣ ಮಾಡುವುದು. ವಿದ್ಯುತ್ ವ್ಯವಸ್ಥೆ ಜೊತೆ ಜೊತೆಗೆ ಸಿಗ್ನಲಿಂಗ್ (ಸಂಕೇತ) ವ್ಯವಸ್ಥೆ ಅಳವಡಿಕೆ ಮಾಡಲು

ನಿರ್ಧರಿಸಲಾಗಿದೆ. ಈ ಮೂಲಕ ತ್ವರಿತಗತಿಯಲ್ಲಿ ಹೊಸ ರೈಲ್ವೆ ಲೈನ್ ನಿರ್ಮಿಸಲು ನೈಋತ್ಯ ರೈಲ್ವೆ ಅಧಿಕಾರಿಗಳು ಗುರಿ ಹೊಂದಿದ್ದಾರೆ.

ಹೊಸ ಮಾರ್ಗದ ಪ್ರಾಜೆಕ್ಟ್ ವೆಚ್ಚ?

'ಪಾವಗಡ–ಮಡಕಶಿರಾ' ಹೊಸ ರೈಲು ಮಾರ್ಗ ಯೋಜನೆಗೆ ಎಲ್ಲ ಕಾರ್ಯ ಪೂರ್ಣಗೊಳಿಸಲು ಸದ್ಯಕ್ಕೆ 265.92 ಕೋಟಿ ರೂ. ವೆಚ್ಚವಾಗಬಹುದು ಎಂದು ಅಂದಾಜಿಸಲಾಗಿದೆ. ಸಿವಿಲ್ ಎಂಜಿನಿಯರಿಂಗ್, ಪ್ರೊಕ್ಯೂರ್‌ಮೆಂಟ್ ಸೇರಿ ಎಲ್ಲ ಕಾಮಗಾರಿಯನ್ನು ಈ ಹಣದಲ್ಲಿ ಮುಂದಿನ ಒಂದೂವರೆ ವರ್ಷ (18 ತಿಂಗಳು) ದಲ್ಲಿ ಪೂರ್ಣಗೊಳಿಸಲು ಯೋಚನೆ ಇದೆ.

ತುಮಕೂರು–ರಾಯದುರ್ಗ ಹೊಸ ಬ್ರಾಡ್ ಗೇಜ್ (ಬಿಜಿ) ಮಾರ್ಗವು

ಕರ್ನಾಟಕದಲ್ಲಿ ಮಹತ್ವದ ರೈಲ್ವೆ ಯೋಜನೆಯಾಗಿದೆ. ಇದರ ಅಡಿ ಈ ಹೊಸ ರೈಲು ಮಾರ್ಗ ಬರಲಿದ್ದು, ಅದರಲ್ಲಿ ಪಾವಗಡ ರೈಲು ನಿಲ್ದಾಣ, ಕೊಟ್ಟಪಲ್ಲಿ ಮತ್ತು ಮಡಕಶಿರಾ ರೈಲು ನಿಲ್ದಾಣಗಳು ಬರುತ್ತವೆ ಎಂದು ರೈಲ್ವೆ ಅಧಿಕಾರಿಗಳು ಮಾಹಿತಿ ನೀಡಿದ್ದಾರೆ.

ರಾಜಧಾನಿ ಬೆಂಗಳೂರು ಮತ್ತು ಬಳ್ಳಾರಿ ಮತ್ತು ತುಮಕೂರು ಹಾಗೂ ನೆರೆಯ ಆಂಧ್ರಪ್ರದೇಶದ ರಾಯದುರ್ಗ ಮೂಲಕ ಸಂಪರ್ಕವನ್ನು ಹೆಚ್ಚಿಸಲು ರೈಲ್ವೆ ಮಾರ್ಗ ನಿರ್ಮಿಸಲಾಗಿದೆ. ಇದು ಒಟ್ಟು ಸುಮಾರು 213 ಕಿಲೋಮೀಟರ್ ಉದ್ದವಿದೆ. ಮಾರ್ಗದ ಉದ್ದಕ್ಕೂ ಬರುವ ಹಲ್ಲಿ ತಾಲೂಕು ಮತ್ತು ಜಿಲ್ಲೆಗಳ ಸಾರಿಗೆ ಅನುಕೂಲ, ಆರ್ಥಿಕ ಸುಧಾರಣೆಗೆ ಈ ಮಾರ್ಗ ನೆರವಾಗಲಿದೆ.

ವಕ್ಫ್ ಸಂಸ್ಥೆಗಳು ಮಾದರಿ ನಿಯಮಾವಳಿ ಅನುಷ್ಠಾನಕ್ಕೆ ಸೂಚನೆ

ತುಮಕೂರು,ಮೇ.27–ಕರ್ನಾಟಕ ರಾಜ್ಯ ವಕ್ಫ್ ಮಂಡಳಿಯಲ್ಲಿ ನೋಂದಣಿಯಾದ ತುಮಕೂರು ಜಿಲ್ಲೆಯ ಎಲ್ಲಾ ವಕ್ಫ್ ಸಂಸ್ಥೆಗಳು ಕರ್ನಾಟಕ ರಾಜ್ಯ ಉಚ್ಚ ನ್ಯಾಯಾಲಯವು 2024 ಏ.2ರಂದು ನೀಡಿರುವ ಆದೇಶದಂತೆ ರಾಜ್ಯ ವಕ್ಫ್ ಮಂಡಳಿಯು ಮಾದರಿ ನಿಯಮಾವಳಿಯನ್ನು ನಮೂನೆ ನಂ–42 (ಬೈಲಾ)ನ್ನು ಅಂಗೀಕರಿಸಿಕೊಳ್ಳುವುದು ಕಡ್ಡಾಯವಾಗಿದೆ.

ಈ ಆದೇಶದಂತೆ ಮಾದರಿ ನಿಯಮಾವಳಿಯನ್ನು ಪಾಲಿಸದ ವಕ್ಫ್ ಸಂಸ್ಥೆಗಳು ಮಾದರಿ ನಿಯಮಾವಳಿಯ ನಮೂನೆ ನಂ–42ನ್ನು ಸಂಬಂಧಪಟ್ಟ ದಾಖಲೆಗಳೊಂದಿಗೆ ತುಮಕೂರು ಜಿಲ್ಲಾ ವಕ್ಫ್ ಕಚೇರಿಯ ಮೂಲಕ ರಾಜ್ಯ ವಕ್ಫ್ ಮಂಡಳಿಯ ಅಂಗೀಕಾರಕ್ಕಾಗಿ ಅರ್ಜಿ ಸಲ್ಲಿಸಬೇಕು ಎಂದು ಜಿಲ್ಲಾ
